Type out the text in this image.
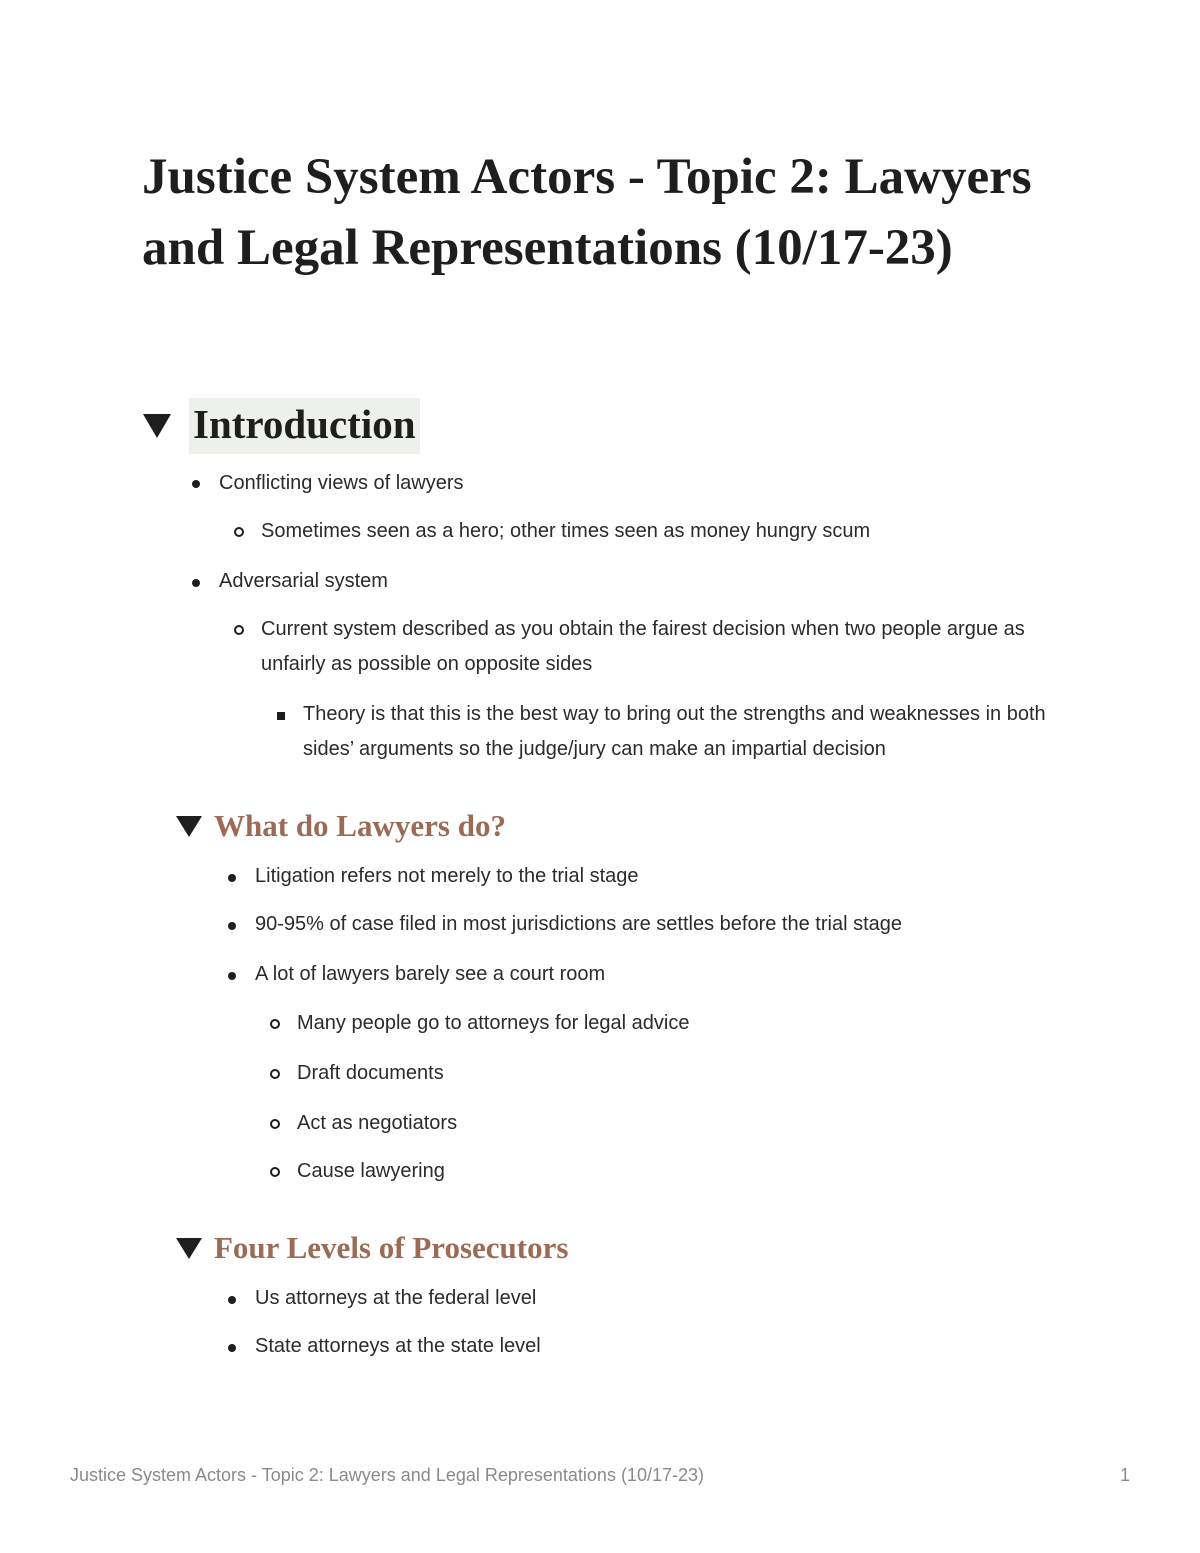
Justice System Actors - Topic 2: Lawyers and Legal Representations (10/17-23)
Introduction

Conflicting views of lawyers

Sometimes seen as a hero; other times seen as money hungry scum

Adversarial system

Current system described as you obtain the fairest decision when two people argue as unfairly as possible on opposite sides

Theory is that this is the best way to bring out the strengths and weaknesses in both sides’ arguments so the judge/jury can make an impartial decision

What do Lawyers do?

Litigation refers not merely to the trial stage

90-95% of case filed in most jurisdictions are settles before the trial stage

A lot of lawyers barely see a court room

Many people go to attorneys for legal advice

Draft documents

Act as negotiators

Cause lawyering

Four Levels of Prosecutors

Us attorneys at the federal level

State attorneys at the state level

Justice System Actors - Topic 2: Lawyers and Legal Representations (10/17-23)	1
